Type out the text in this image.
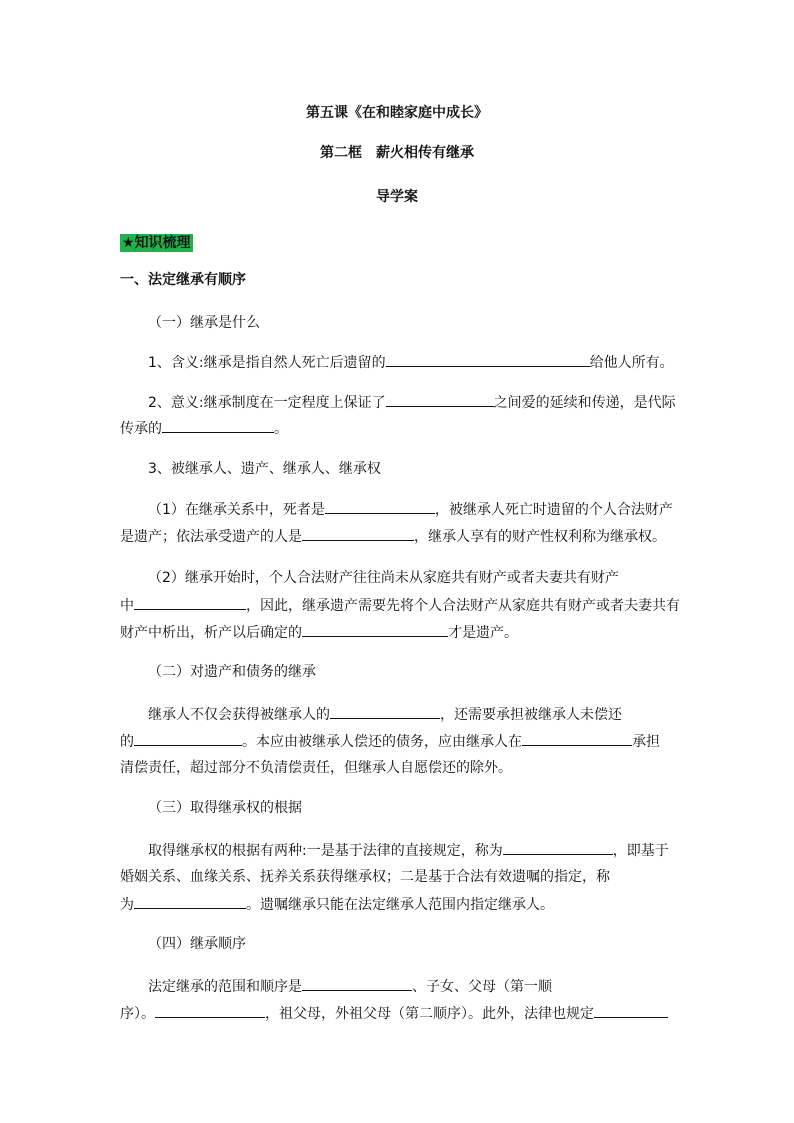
第五课《在和睦家庭中成长》
第二框　薪火相传有继承
导学案
★知识梳理
一、法定继承有顺序
（一）继承是什么
1、含义:继承是指自然人死亡后遗留的	给他人所有。
2、意义:继承制度在一定程度上保证了	之间爱的延续和传递，是代际
传承的	。
3、被继承人、遗产、继承人、继承权
（1）在继承关系中，死者是	，被继承人死亡时遗留的个人合法财产
是遗产；依法承受遗产的人是	，继承人享有的财产性权利称为继承权。
（2）继承开始时，个人合法财产往往尚未从家庭共有财产或者夫妻共有财产
中	，因此，继承遗产需要先将个人合法财产从家庭共有财产或者夫妻共有
财产中析出，析产以后确定的	才是遗产。
（二）对遗产和债务的继承
继承人不仅会获得被继承人的	，还需要承担被继承人未偿还
的	。本应由被继承人偿还的债务，应由继承人在	承担
清偿责任，超过部分不负清偿责任，但继承人自愿偿还的除外。
（三）取得继承权的根据
取得继承权的根据有两种:一是基于法律的直接规定，称为	，即基于
婚姻关系、血缘关系、抚养关系获得继承权；二是基于合法有效遗嘱的指定，称
为	。遗嘱继承只能在法定继承人范围内指定继承人。
（四）继承顺序
法定继承的范围和顺序是	、子女、父母（第一顺
序）。	，祖父母，外祖父母（第二顺序）。此外，法律也规定
